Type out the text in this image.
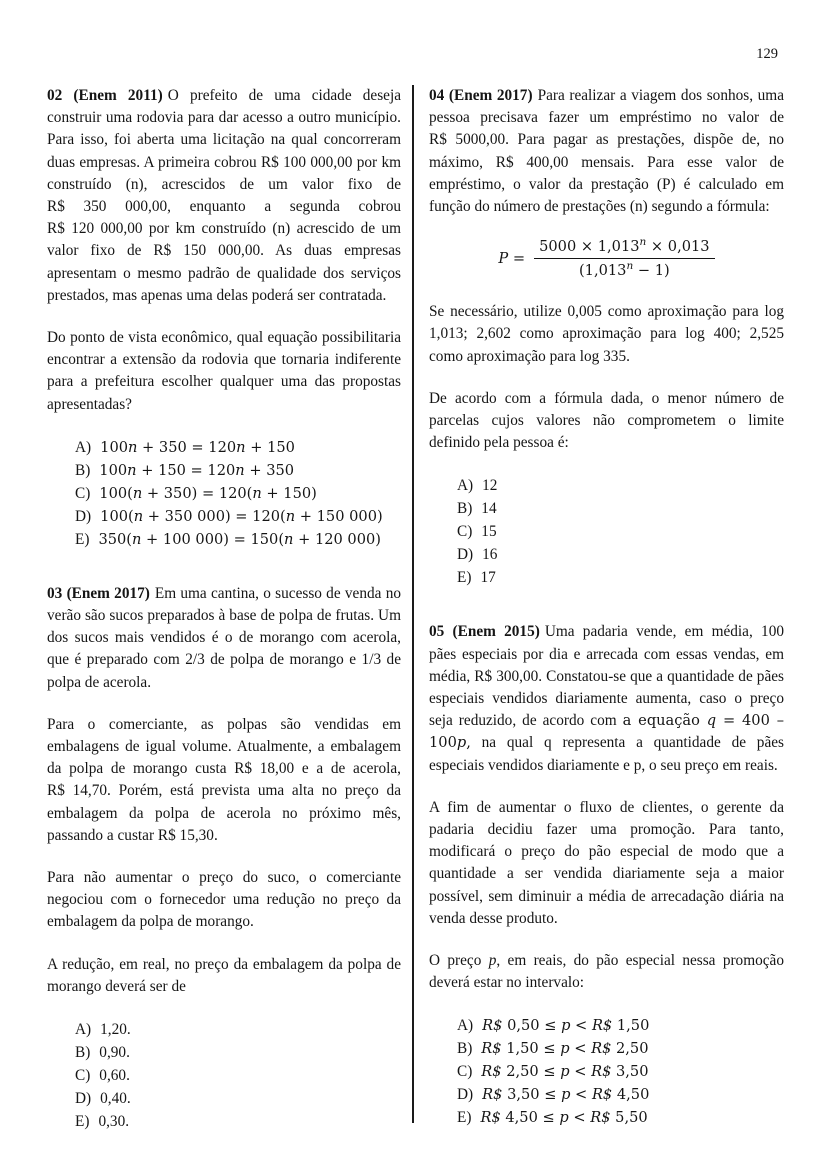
129

02 (Enem 2011) O prefeito de uma cidade deseja construir uma rodovia para dar acesso a outro município. Para isso, foi aberta uma licitação na qual concorreram duas empresas. A primeira cobrou R$ 100 000,00 por km construído (n), acrescidos de um valor fixo de R$ 350 000,00, enquanto a segunda cobrou R$ 120 000,00 por km construído (n) acrescido de um valor fixo de R$ 150 000,00. As duas empresas apresentam o mesmo padrão de qualidade dos serviços prestados, mas apenas uma delas poderá ser contratada.

Do ponto de vista econômico, qual equação possibilitaria encontrar a extensão da rodovia que tornaria indiferente para a prefeitura escolher qualquer uma das propostas apresentadas?

A) 100n + 350 = 120n + 150
B) 100n + 150 = 120n + 350
C) 100(n + 350) = 120(n + 150)
D) 100(n + 350 000) = 120(n + 150 000)
E) 350(n + 100 000) = 150(n + 120 000)

03 (Enem 2017) Em uma cantina, o sucesso de venda no verão são sucos preparados à base de polpa de frutas. Um dos sucos mais vendidos é o de morango com acerola, que é preparado com 2/3 de polpa de morango e 1/3 de polpa de acerola.

Para o comerciante, as polpas são vendidas em embalagens de igual volume. Atualmente, a embalagem da polpa de morango custa R$ 18,00 e a de acerola, R$ 14,70. Porém, está prevista uma alta no preço da embalagem da polpa de acerola no próximo mês, passando a custar R$ 15,30.

Para não aumentar o preço do suco, o comerciante negociou com o fornecedor uma redução no preço da embalagem da polpa de morango.

A redução, em real, no preço da embalagem da polpa de morango deverá ser de

A) 1,20.
B) 0,90.
C) 0,60.
D) 0,40.
E) 0,30.

04 (Enem 2017) Para realizar a viagem dos sonhos, uma pessoa precisava fazer um empréstimo no valor de R$ 5000,00. Para pagar as prestações, dispõe de, no máximo, R$ 400,00 mensais. Para esse valor de empréstimo, o valor da prestação (P) é calculado em função do número de prestações (n) segundo a fórmula:

$P = \frac{5000 \times 1,013^n \times 0,013}{(1,013^n - 1)}$

Se necessário, utilize 0,005 como aproximação para log 1,013; 2,602 como aproximação para log 400; 2,525 como aproximação para log 335.

De acordo com a fórmula dada, o menor número de parcelas cujos valores não comprometem o limite definido pela pessoa é:

A) 12
B) 14
C) 15
D) 16
E) 17

05 (Enem 2015) Uma padaria vende, em média, 100 pães especiais por dia e arrecada com essas vendas, em média, R$ 300,00. Constatou-se que a quantidade de pães especiais vendidos diariamente aumenta, caso o preço seja reduzido, de acordo com a equação q = 400 – 100p, na qual q representa a quantidade de pães especiais vendidos diariamente e p, o seu preço em reais.

A fim de aumentar o fluxo de clientes, o gerente da padaria decidiu fazer uma promoção. Para tanto, modificará o preço do pão especial de modo que a quantidade a ser vendida diariamente seja a maior possível, sem diminuir a média de arrecadação diária na venda desse produto.

O preço p, em reais, do pão especial nessa promoção deverá estar no intervalo:

A) R$ 0,50 ≤ p < R$ 1,50
B) R$ 1,50 ≤ p < R$ 2,50
C) R$ 2,50 ≤ p < R$ 3,50
D) R$ 3,50 ≤ p < R$ 4,50
E) R$ 4,50 ≤ p < R$ 5,50
